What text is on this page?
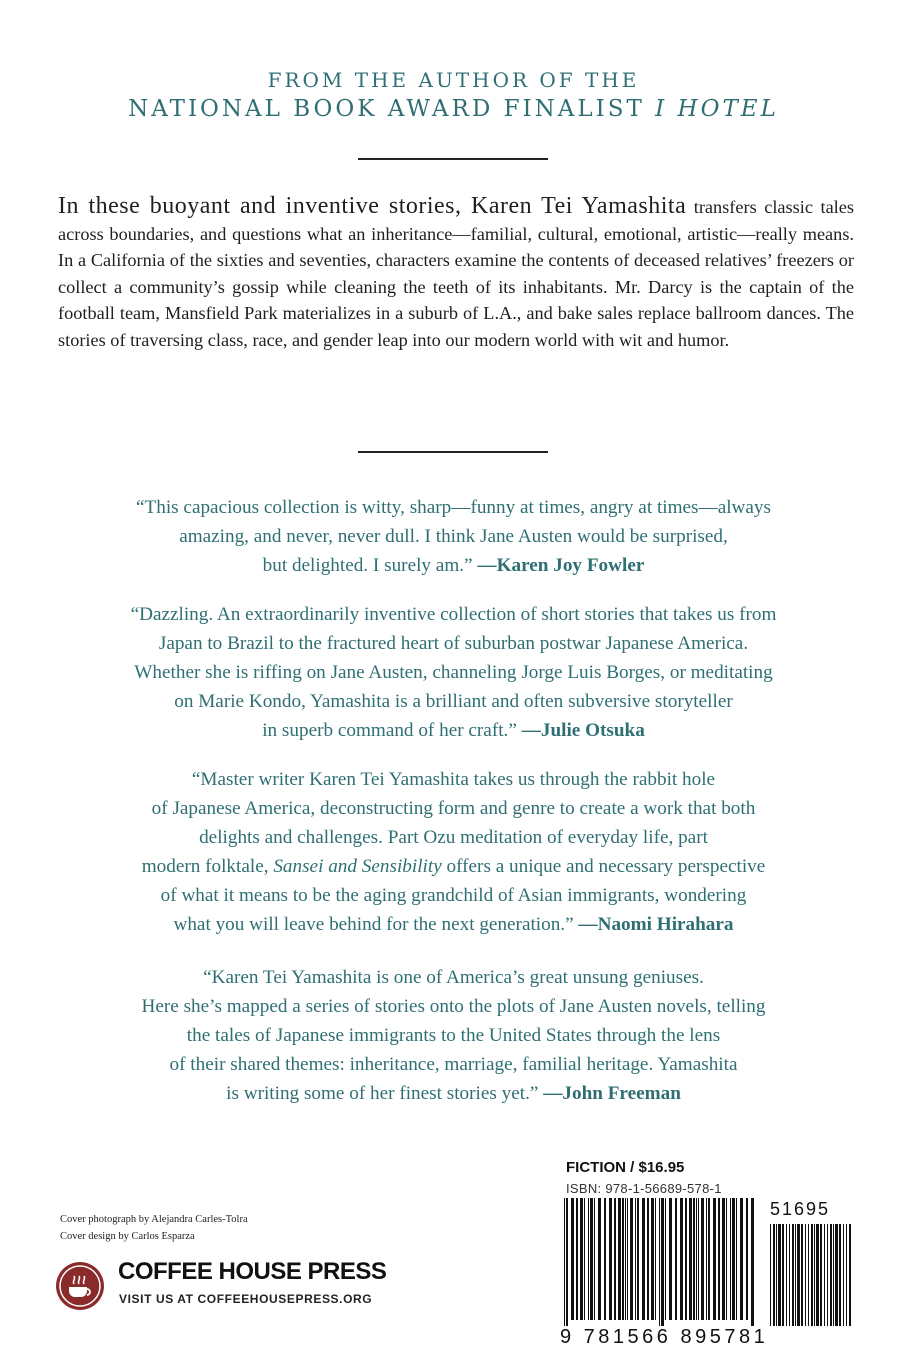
FROM THE AUTHOR OF THE
NATIONAL BOOK AWARD FINALIST I HOTEL
In these buoyant and inventive stories, Karen Tei Yamashita transfers classic tales across boundaries, and questions what an inheritance—familial, cultural, emotional, artistic—really means. In a California of the sixties and seventies, characters examine the contents of deceased relatives’ freezers or collect a community’s gossip while cleaning the teeth of its inhabitants. Mr. Darcy is the captain of the football team, Mansfield Park materializes in a suburb of L.A., and bake sales replace ballroom dances. The stories of traversing class, race, and gender leap into our modern world with wit and humor.
“This capacious collection is witty, sharp—funny at times, angry at times—always
amazing, and never, never dull. I think Jane Austen would be surprised,
but delighted. I surely am.” —Karen Joy Fowler
“Dazzling. An extraordinarily inventive collection of short stories that takes us from
Japan to Brazil to the fractured heart of suburban postwar Japanese America.
Whether she is riffing on Jane Austen, channeling Jorge Luis Borges, or meditating
on Marie Kondo, Yamashita is a brilliant and often subversive storyteller
in superb command of her craft.” —Julie Otsuka
“Master writer Karen Tei Yamashita takes us through the rabbit hole
of Japanese America, deconstructing form and genre to create a work that both
delights and challenges. Part Ozu meditation of everyday life, part
modern folktale, Sansei and Sensibility offers a unique and necessary perspective
of what it means to be the aging grandchild of Asian immigrants, wondering
what you will leave behind for the next generation.” —Naomi Hirahara
“Karen Tei Yamashita is one of America’s great unsung geniuses.
Here she’s mapped a series of stories onto the plots of Jane Austen novels, telling
the tales of Japanese immigrants to the United States through the lens
of their shared themes: inheritance, marriage, familial heritage. Yamashita
is writing some of her finest stories yet.” —John Freeman
Cover photograph by Alejandra Carles-Tolra
Cover design by Carlos Esparza
COFFEE HOUSE PRESS
VISIT US AT COFFEEHOUSEPRESS.ORG
FICTION / $16.95
ISBN: 978-1-56689-578-1
51695
9 781566 895781
